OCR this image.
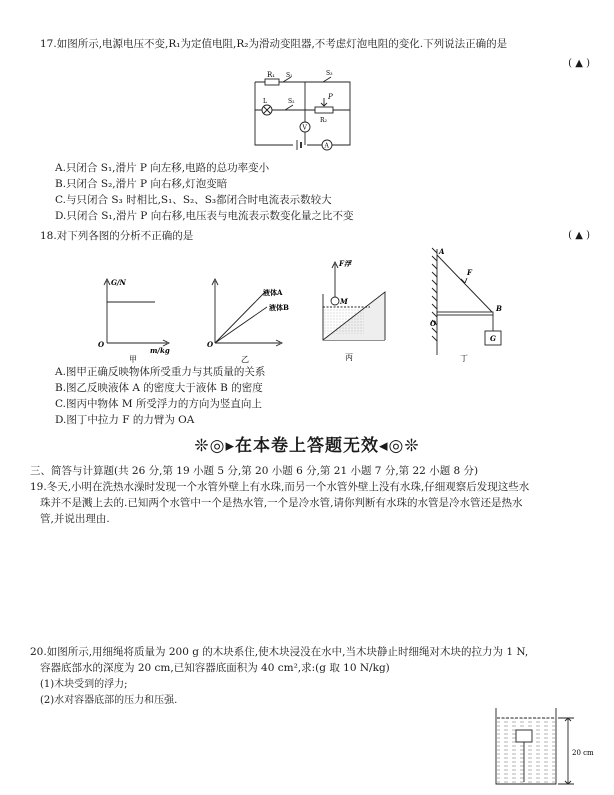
17.如图所示,电源电压不变,R₁为定值电阻,R₂为滑动变阻器,不考虑灯泡电阻的变化.下列说法正确的是
( ▲ )
R₁ S₁	S₃
L	S₂
P
R₂
V
A
A.只闭合 S₁,滑片 P 向左移,电路的总功率变小
B.只闭合 S₂,滑片 P 向右移,灯泡变暗
C.与只闭合 S₃ 时相比,S₁、S₂、S₃都闭合时电流表示数较大
D.只闭合 S₁,滑片 P 向右移,电压表与电流表示数变化量之比不变
18.对下列各图的分析不正确的是	( ▲ )
G/N
m/kg
O
甲
液体A
液体B
O
乙
F浮
M
丙
A
F
O
B
G
丁
A.图甲正确反映物体所受重力与其质量的关系
B.图乙反映液体 A 的密度大于液体 B 的密度
C.图丙中物体 M 所受浮力的方向为竖直向上
D.图丁中拉力 F 的力臂为 OA
❊◎▸在本卷上答题无效◂◎❊
三、简答与计算题(共 26 分,第 19 小题 5 分,第 20 小题 6 分,第 21 小题 7 分,第 22 小题 8 分)
19.冬天,小明在洗热水澡时发现一个水管外壁上有水珠,而另一个水管外壁上没有水珠,仔细观察后发现这些水
珠并不是溅上去的.已知两个水管中一个是热水管,一个是冷水管,请你判断有水珠的水管是冷水管还是热水
管,并说出理由.
20.如图所示,用细绳将质量为 200 g 的木块系住,使木块浸没在水中,当木块静止时细绳对木块的拉力为 1 N,
容器底部水的深度为 20 cm,已知容器底面积为 40 cm²,求:(g 取 10 N/kg)
(1)木块受到的浮力;
(2)水对容器底部的压力和压强.
20 cm
